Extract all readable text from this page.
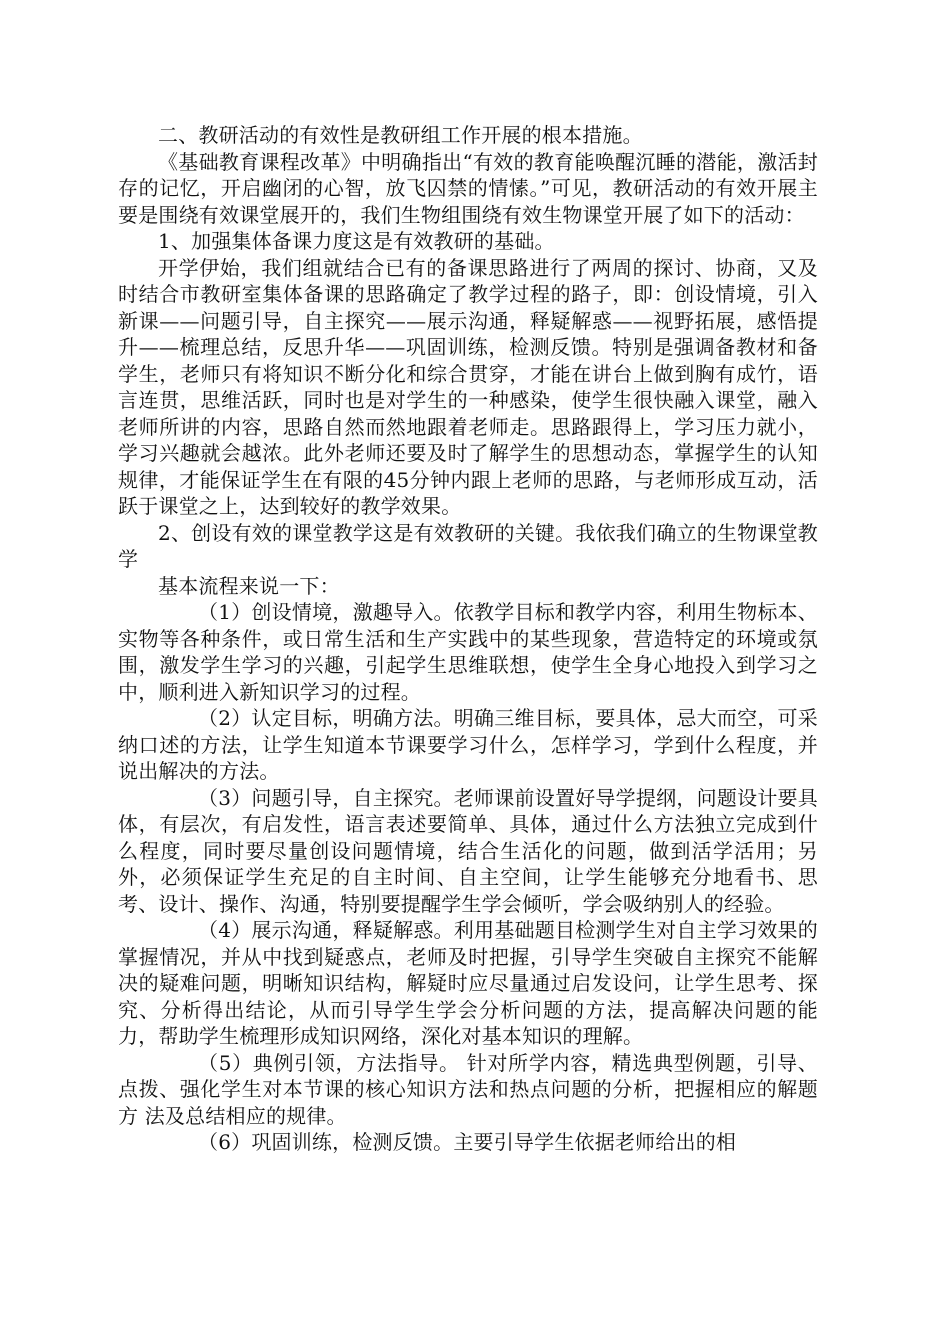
二、教研活动的有效性是教研组工作开展的根本措施。

《基础教育课程改革》中明确指出“有效的教育能唤醒沉睡的潜能，激活封存的记忆，开启幽闭的心智，放飞囚禁的情愫。”可见，教研活动的有效开展主要是围绕有效课堂展开的，我们生物组围绕有效生物课堂开展了如下的活动：

1、加强集体备课力度这是有效教研的基础。

开学伊始，我们组就结合已有的备课思路进行了两周的探讨、协商，又及时结合市教研室集体备课的思路确定了教学过程的路子，即：创设情境，引入新课——问题引导，自主探究——展示沟通，释疑解惑——视野拓展，感悟提升——梳理总结，反思升华——巩固训练，检测反馈。特别是强调备教材和备学生，老师只有将知识不断分化和综合贯穿，才能在讲台上做到胸有成竹，语言连贯，思维活跃，同时也是对学生的一种感染，使学生很快融入课堂，融入老师所讲的内容，思路自然而然地跟着老师走。思路跟得上，学习压力就小，学习兴趣就会越浓。此外老师还要及时了解学生的思想动态，掌握学生的认知规律，才能保证学生在有限的45分钟内跟上老师的思路，与老师形成互动，活跃于课堂之上，达到较好的教学效果。

2、创设有效的课堂教学这是有效教研的关键。我依我们确立的生物课堂教学

基本流程来说一下：

（1）创设情境，激趣导入。依教学目标和教学内容，利用生物标本、实物等各种条件，或日常生活和生产实践中的某些现象，营造特定的环境或氛围，激发学生学习的兴趣，引起学生思维联想，使学生全身心地投入到学习之中，顺利进入新知识学习的过程。

（2）认定目标，明确方法。明确三维目标，要具体，忌大而空，可采纳口述的方法，让学生知道本节课要学习什么，怎样学习，学到什么程度，并说出解决的方法。

（3）问题引导，自主探究。老师课前设置好导学提纲，问题设计要具体，有层次，有启发性，语言表述要简单、具体，通过什么方法独立完成到什么程度，同时要尽量创设问题情境，结合生活化的问题，做到活学活用；另外，必须保证学生充足的自主时间、自主空间，让学生能够充分地看书、思考、设计、操作、沟通，特别要提醒学生学会倾听，学会吸纳别人的经验。

（4）展示沟通，释疑解惑。利用基础题目检测学生对自主学习效果的掌握情况，并从中找到疑惑点，老师及时把握，引导学生突破自主探究不能解决的疑难问题，明晰知识结构，解疑时应尽量通过启发设问，让学生思考、探究、分析得出结论，从而引导学生学会分析问题的方法，提高解决问题的能力，帮助学生梳理形成知识网络，深化对基本知识的理解。

（5）典例引领，方法指导。 针对所学内容，精选典型例题，引导、点拨、强化学生对本节课的核心知识方法和热点问题的分析，把握相应的解题方 法及总结相应的规律。

（6）巩固训练，检测反馈。主要引导学生依据老师给出的相
